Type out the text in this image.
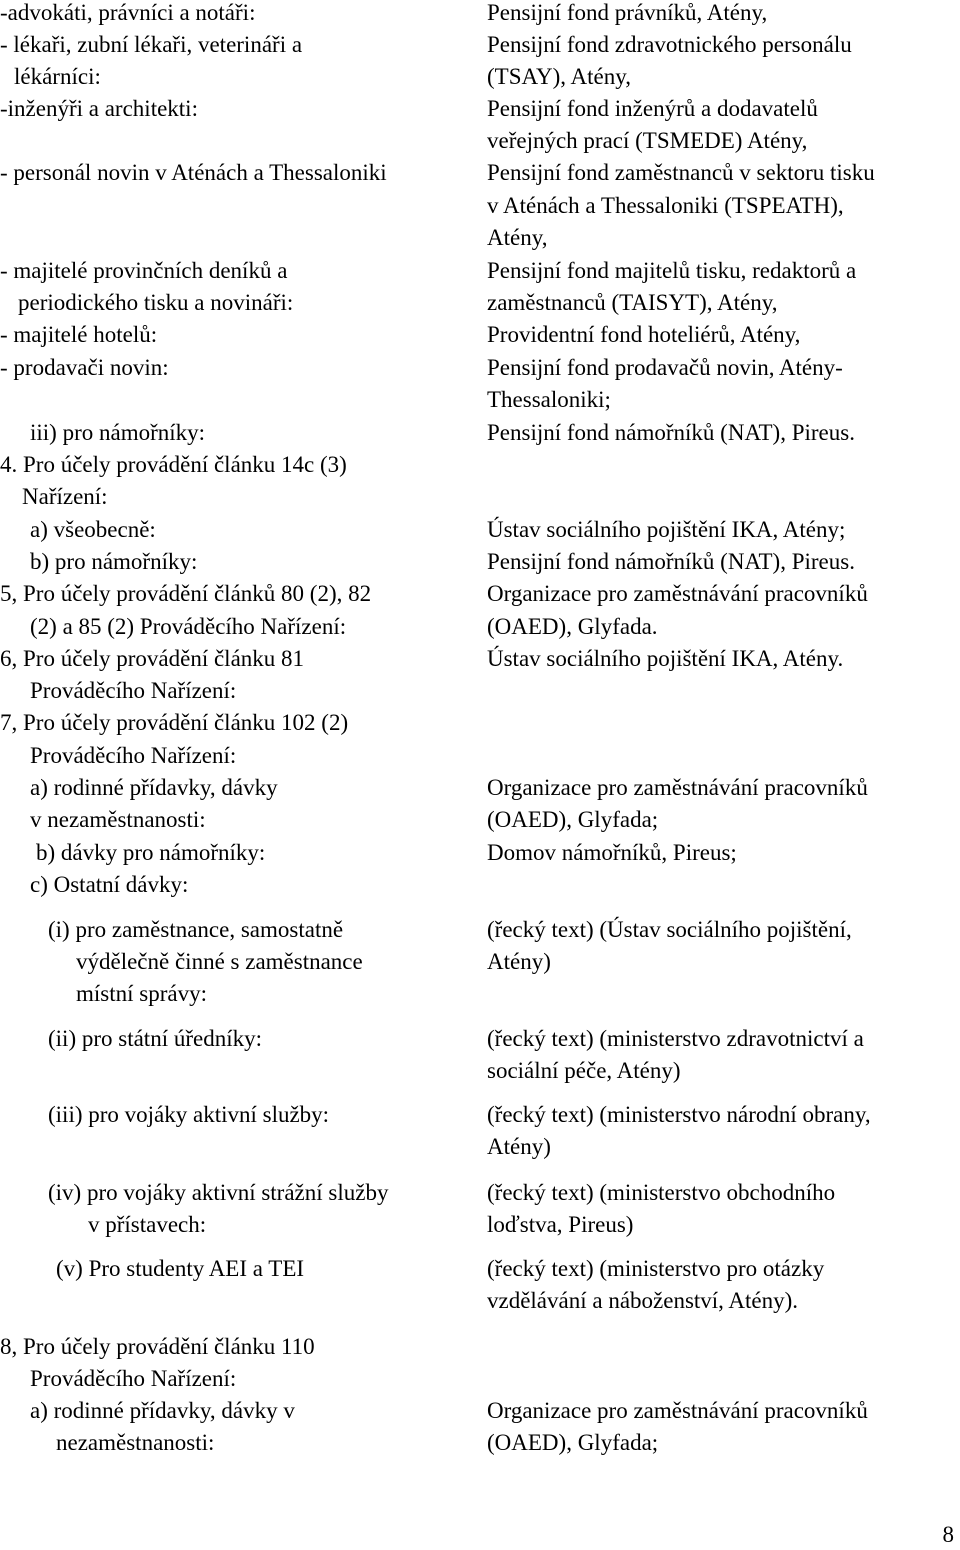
-advokáti, právníci a notáři:
- lékaři, zubní lékaři, veterináři a
lékárníci:
-inženýři a architekti:
- personál novin v Aténách a Thessaloniki
- majitelé provinčních deníků a
periodického tisku a novináři:
- majitelé hotelů:
- prodavači novin:
iii) pro námořníky:
4. Pro účely provádění článku 14c (3)
Nařízení:
a) všeobecně:
b) pro námořníky:
5, Pro účely provádění článků 80 (2), 82
(2) a 85 (2) Prováděcího Nařízení:
6, Pro účely provádění článku 81
Prováděcího Nařízení:
7, Pro účely provádění článku 102 (2)
Prováděcího Nařízení:
a) rodinné přídavky, dávky
v nezaměstnanosti:
b) dávky pro námořníky:
c) Ostatní dávky:
(i) pro zaměstnance, samostatně
výdělečně činné s zaměstnance
místní správy:
(ii) pro státní úředníky:
(iii) pro vojáky aktivní služby:
(iv) pro vojáky aktivní strážní služby
v přístavech:
(v) Pro studenty AEI a TEI
8, Pro účely provádění článku 110
Prováděcího Nařízení:
a) rodinné přídavky, dávky v
nezaměstnanosti:
Pensijní fond právníků, Atény,
Pensijní fond zdravotnického personálu
(TSAY), Atény,
Pensijní fond inženýrů a dodavatelů
veřejných prací (TSMEDE) Atény,
Pensijní fond zaměstnanců v sektoru tisku
v Aténách a Thessaloniki (TSPEATH),
Atény,
Pensijní fond majitelů tisku, redaktorů a
zaměstnanců (TAISYT), Atény,
Providentní fond hoteliérů, Atény,
Pensijní fond prodavačů novin, Atény-
Thessaloniki;
Pensijní fond námořníků (NAT), Pireus.
Ústav sociálního pojištění IKA, Atény;
Pensijní fond námořníků (NAT), Pireus.
Organizace pro zaměstnávání pracovníků
(OAED), Glyfada.
Ústav sociálního pojištění IKA, Atény.
Organizace pro zaměstnávání pracovníků
(OAED), Glyfada;
Domov námořníků, Pireus;
(řecký text) (Ústav sociálního pojištění,
Atény)
(řecký text) (ministerstvo zdravotnictví a
sociální péče, Atény)
(řecký text) (ministerstvo národní obrany,
Atény)
(řecký text) (ministerstvo obchodního
loďstva, Pireus)
(řecký text) (ministerstvo pro otázky
vzdělávání a náboženství, Atény).
Organizace pro zaměstnávání pracovníků
(OAED), Glyfada;
8
